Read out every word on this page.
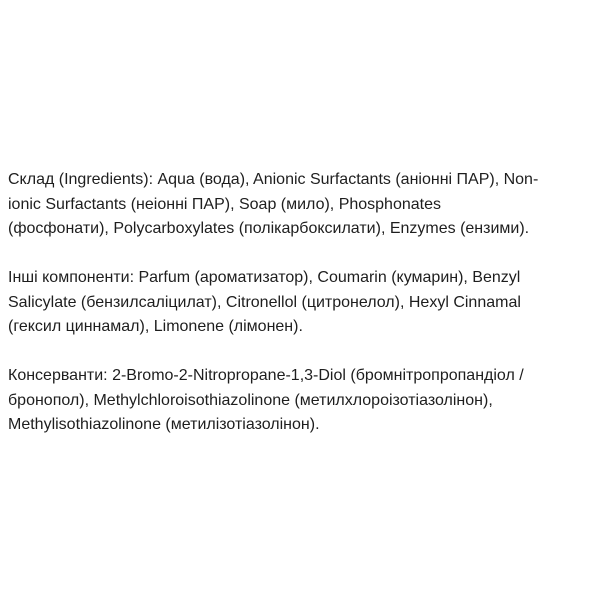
Склад (Ingredients): Aqua (вода), Anionic Surfactants (аніонні ПАР), Non-
ionic Surfactants (неіонні ПАР), Soap (мило), Phosphonates
(фосфонати), Polycarboxylates (полікарбоксилати), Enzymes (ензими).

Інші компоненти: Parfum (ароматизатор), Coumarin (кумарин), Benzyl
Salicylate (бензилсаліцилат), Citronellol (цитронелол), Hexyl Cinnamal
(гексил циннамал), Limonene (лімонен).

Консерванти: 2-Bromo-2-Nitropropane-1,3-Diol (бромнітропропандіол /
бронопол), Methylchloroisothiazolinone (метилхлороізотіазолінон),
Methylisothiazolinone (метилізотіазолінон).
